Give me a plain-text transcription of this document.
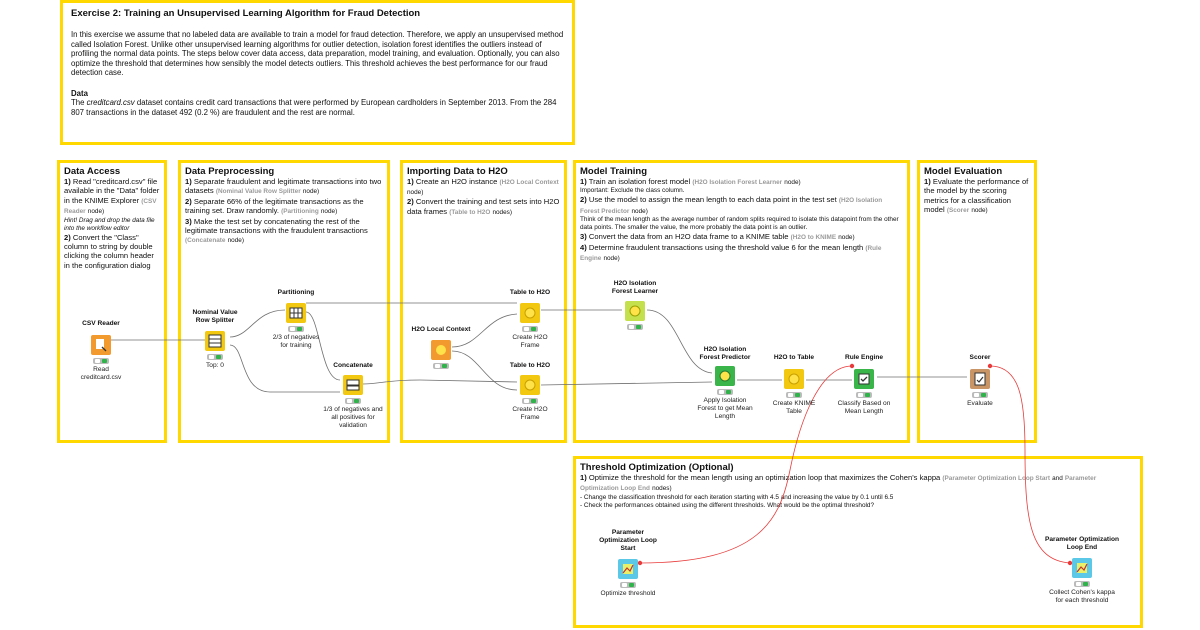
Exercise 2: Training an Unsupervised Learning Algorithm for Fraud Detection

In this exercise we assume that no labeled data are available to train a model for fraud detection. Therefore, we apply an unsupervised method called Isolation Forest. Unlike other unsupervised learning algorithms for outlier detection, isolation forest identifies the outliers instead of profiling the normal data points. The steps below cover data access, data preparation, model training, and evaluation. Optionally, you can also optimize the threshold that determines how sensibly the model detects outliers. This threshold achieves the best performance for our fraud detection case.

Data

The creditcard.csv dataset contains credit card transactions that were performed by European cardholders in September 2013. From the 284 807 transactions in the dataset 492 (0.2 %) are fraudulent and the rest are normal.

Data Access

1) Read "creditcard.csv" file available in the "Data" folder in the KNIME Explorer (CSV Reader node)

Hint! Drag and drop the data file into the workflow editor

2) Convert the "Class" column to string by double clicking the column header in the configuration dialog

Data Preprocessing

1) Separate fraudulent and legitimate transactions into two datasets (Nominal Value Row Splitter node)

2) Separate 66% of the legitimate transactions as the training set. Draw randomly. (Partitioning node)

3) Make the test set by concatenating the rest of the legitimate transactions with the fraudulent transactions (Concatenate node)

Importing Data to H2O

1) Create an H2O instance (H2O Local Context node)

2) Convert the training and test sets into H2O data frames (Table to H2O nodes)

Model Training

1) Train an isolation forest model (H2O Isolation Forest Learner node)

Important: Exclude the class column.

2) Use the model to assign the mean length to each data point in the test set (H2O Isolation Forest Predictor node)

Think of the mean length as the average number of random splits required to isolate this datapoint from the other data points. The smaller the value, the more probably the data point is an outlier.

3) Convert the data from an H2O data frame to a KNIME table (H2O to KNIME node)

4) Determine fraudulent transactions using the threshold value 6 for the mean length (Rule Engine node)

Model Evaluation

1) Evaluate the performance of the model by the scoring metrics for a classification model (Scorer node)

Threshold Optimization (Optional)

1) Optimize the threshold for the mean length using an optimization loop that maximizes the Cohen's kappa (Parameter Optimization Loop Start and Parameter Optimization Loop End nodes)

- Change the classification threshold for each iteration starting with 4.5 and increasing the value by 0.1 until 6.5

- Check the performances obtained using the different thresholds. What would be the optimal threshold?

CSV Reader
Read creditcard.csv
Nominal Value Row Splitter
Top: 0
Partitioning
2/3 of negatives for training
Concatenate
1/3 of negatives and all positives for validation
H2O Local Context
Table to H2O
Create H2O Frame
Table to H2O
Create H2O Frame
H2O Isolation Forest Learner
H2O Isolation Forest Predictor
Apply Isolation Forest to get Mean Length
H2O to Table
Create KNIME Table
Rule Engine
Classify Based on Mean Length
Scorer
Evaluate
Parameter Optimization Loop Start
Optimize threshold
Parameter Optimization Loop End
Collect Cohen's kappa for each threshold
